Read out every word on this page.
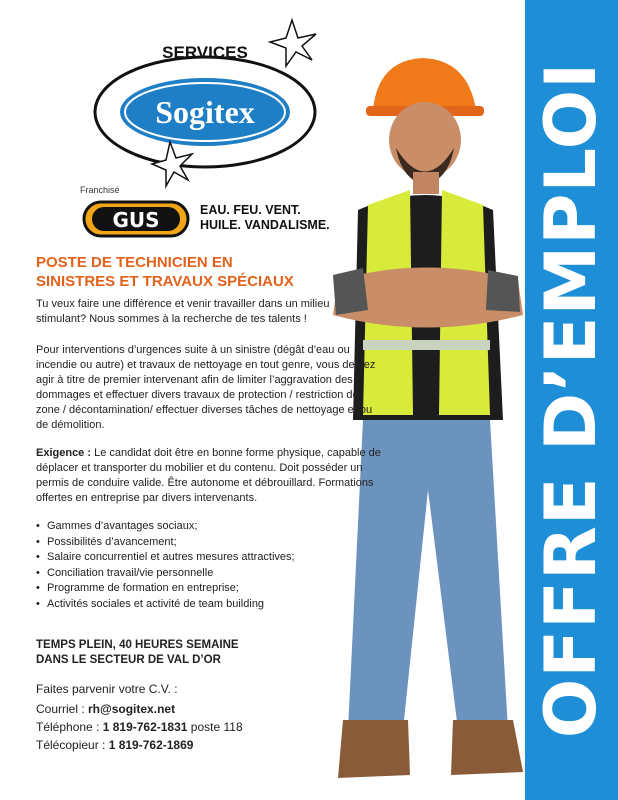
OFFRE D’EMPLOI
SERVICES
Sogitex
Franchisé
GUS	EAU. FEU. VENT.
HUILE. VANDALISME.
POSTE DE TECHNICIEN EN
SINISTRES ET TRAVAUX SPÉCIAUX
Tu veux faire une différence et venir travailler dans un milieu stimulant? Nous sommes à la recherche de tes talents !
Pour interventions d’urgences suite à un sinistre (dégât d’eau ou incendie ou autre) et travaux de nettoyage en tout genre, vous devrez agir à titre de premier intervenant afin de limiter l’aggravation des dommages et effectuer divers travaux de protection / restriction de zone / décontamination/ effectuer diverses tâches de nettoyage et/ou de démolition.
Exigence : Le candidat doit être en bonne forme physique, capable de déplacer et transporter du mobilier et du contenu. Doit posséder un permis de conduire valide. Être autonome et débrouillard. Formations offertes en entreprise par divers intervenants.
• Gammes d’avantages sociaux;
• Possibilités d’avancement;
• Salaire concurrentiel et autres mesures attractives;
• Conciliation travail/vie personnelle
• Programme de formation en entreprise;
• Activités sociales et activité de team building
TEMPS PLEIN, 40 HEURES SEMAINE
DANS LE SECTEUR DE VAL D’OR
Faites parvenir votre C.V. :
Courriel : rh@sogitex.net
Téléphone : 1 819-762-1831 poste 118
Télécopieur : 1 819-762-1869
